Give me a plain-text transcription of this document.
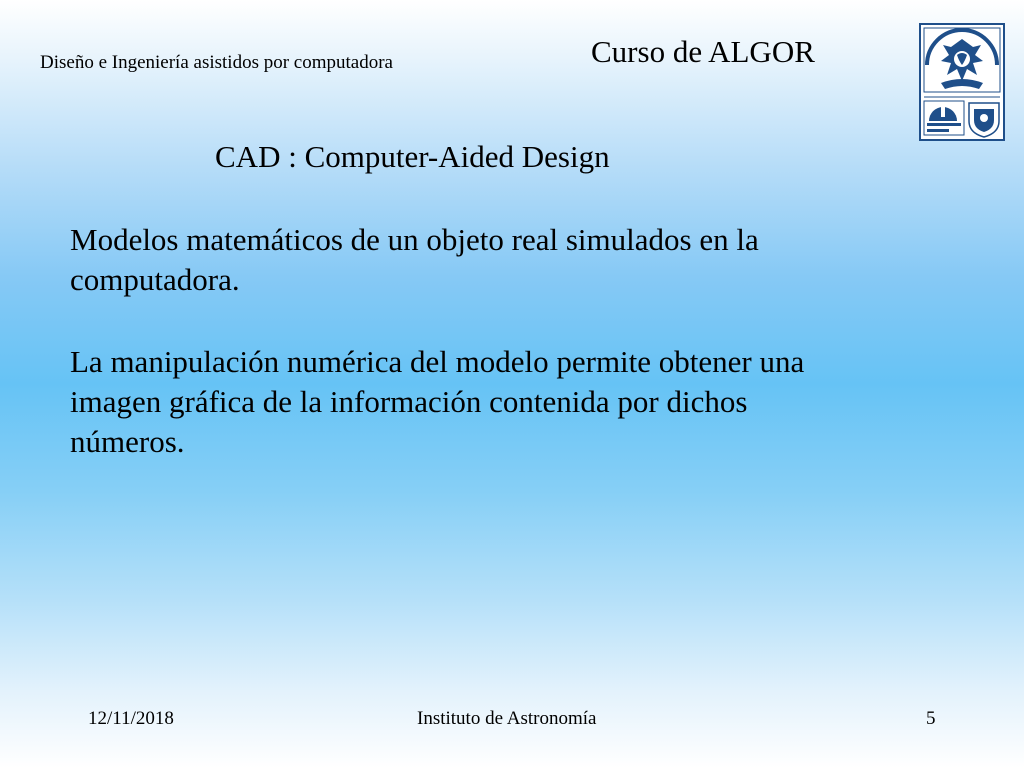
Diseño e Ingeniería asistidos por computadora	Curso de ALGOR
CAD : Computer-Aided Design
Modelos matemáticos de un objeto real simulados en la computadora.
La manipulación numérica del modelo permite obtener una imagen gráfica de la información contenida por dichos números.
12/11/2018	Instituto de Astronomía	5
